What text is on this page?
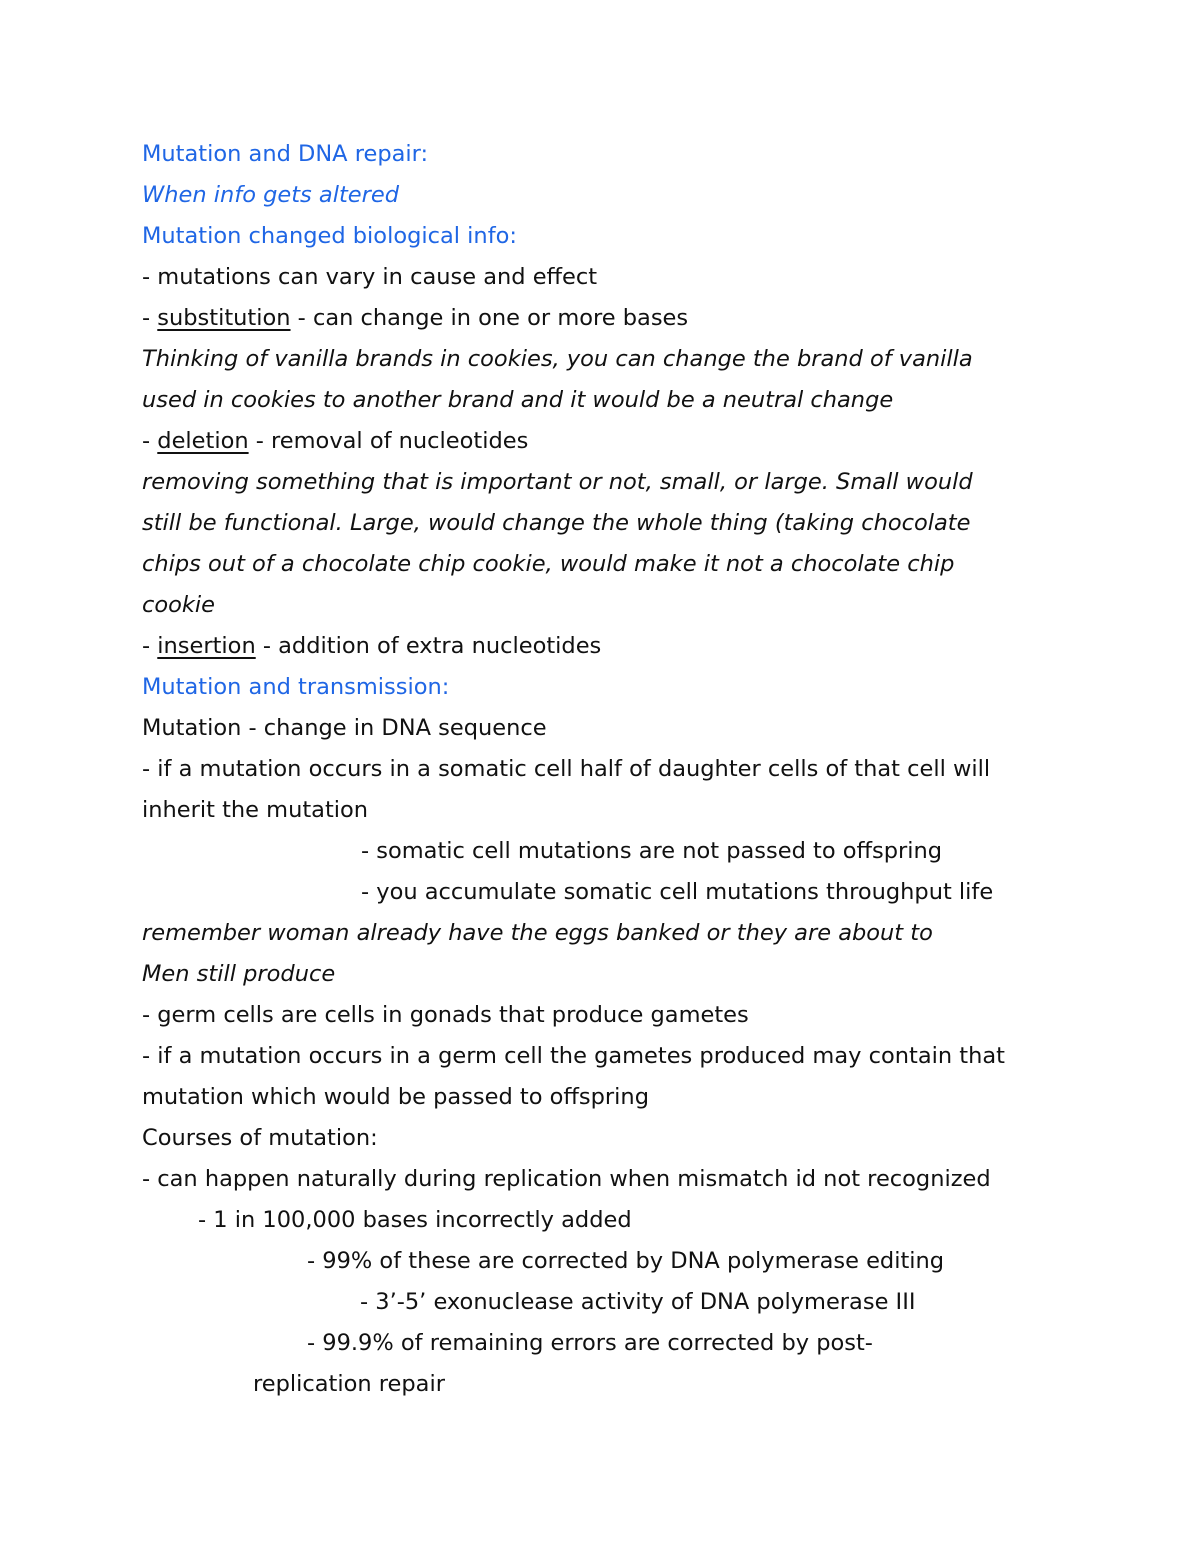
Mutation and DNA repair:
When info gets altered
Mutation changed biological info:
- mutations can vary in cause and effect
- substitution - can change in one or more bases
Thinking of vanilla brands in cookies, you can change the brand of vanilla
used in cookies to another brand and it would be a neutral change
- deletion - removal of nucleotides
removing something that is important or not, small, or large. Small would
still be functional. Large, would change the whole thing (taking chocolate
chips out of a chocolate chip cookie, would make it not a chocolate chip
cookie
- insertion - addition of extra nucleotides
Mutation and transmission:
Mutation - change in DNA sequence
- if a mutation occurs in a somatic cell half of daughter cells of that cell will
inherit the mutation
- somatic cell mutations are not passed to offspring
- you accumulate somatic cell mutations throughput life
remember woman already have the eggs banked or they are about to
Men still produce
- germ cells are cells in gonads that produce gametes
- if a mutation occurs in a germ cell the gametes produced may contain that
mutation which would be passed to offspring
Courses of mutation:
- can happen naturally during replication when mismatch id not recognized
- 1 in 100,000 bases incorrectly added
- 99% of these are corrected by DNA polymerase editing
- 3’-5’ exonuclease activity of DNA polymerase III
- 99.9% of remaining errors are corrected by post-
replication repair
